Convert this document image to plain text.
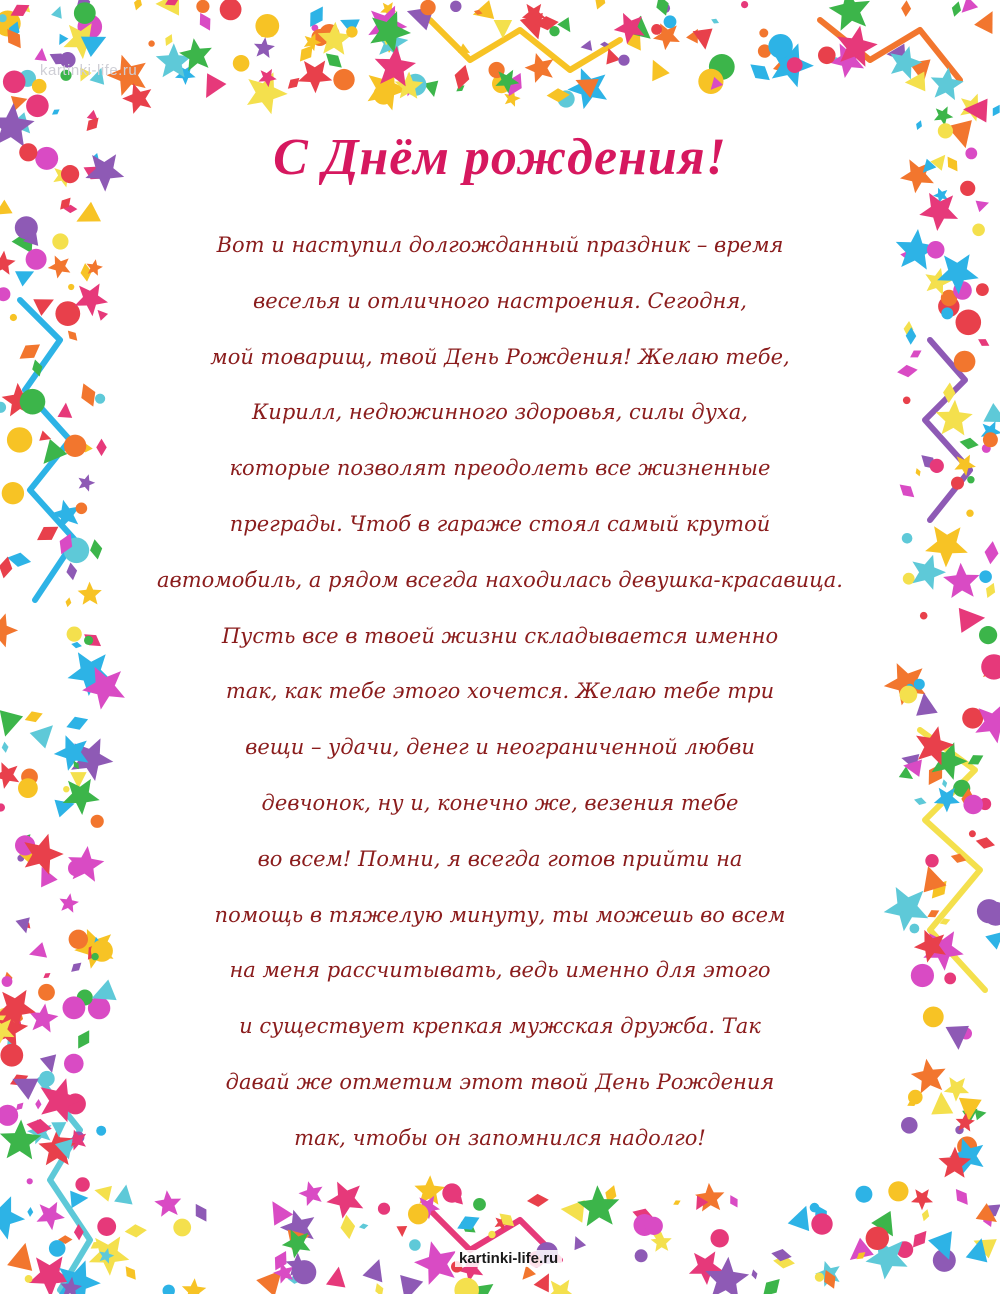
kartinki-life.ru
С Днём рождения!
Вот и наступил долгожданный праздник – время
веселья и отличного настроения. Сегодня,
мой товарищ, твой День Рождения! Желаю тебе,
Кирилл, недюжинного здоровья, силы духа,
которые позволят преодолеть все жизненные
преграды. Чтоб в гараже стоял самый крутой
автомобиль, а рядом всегда находилась девушка-красавица.
Пусть все в твоей жизни складывается именно
так, как тебе этого хочется. Желаю тебе три
вещи – удачи, денег и неограниченной любви
девчонок, ну и, конечно же, везения тебе
во всем! Помни, я всегда готов прийти на
помощь в тяжелую минуту, ты можешь во всем
на меня рассчитывать, ведь именно для этого
и существует крепкая мужская дружба. Так
давай же отметим этот твой День Рождения
так, чтобы он запомнился надолго!
kartinki-life.ru
